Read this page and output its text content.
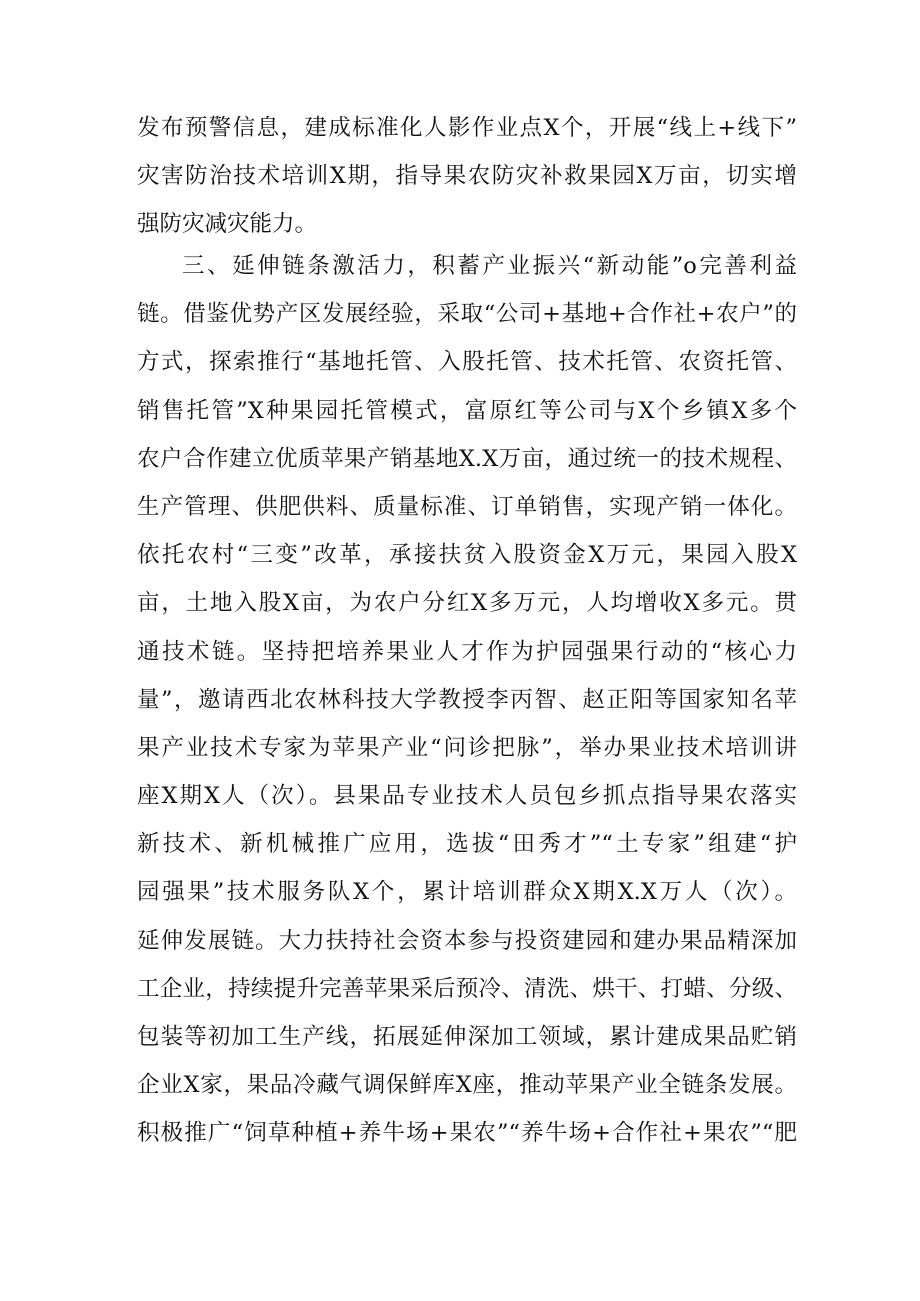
发布预警信息，建成标准化人影作业点X个，开展“线上+线下”
灾害防治技术培训X期，指导果农防灾补救果园X万亩，切实增
强防灾减灾能力。
三、延伸链条激活力，积蓄产业振兴“新动能”o完善利益
链。借鉴优势产区发展经验，采取“公司+基地+合作社+农户”的
方式，探索推行“基地托管、入股托管、技术托管、农资托管、
销售托管”X种果园托管模式，富原红等公司与X个乡镇X多个
农户合作建立优质苹果产销基地X.X万亩，通过统一的技术规程、
生产管理、供肥供料、质量标准、订单销售，实现产销一体化。
依托农村“三变”改革，承接扶贫入股资金X万元，果园入股X
亩，土地入股X亩，为农户分红X多万元，人均增收X多元。贯
通技术链。坚持把培养果业人才作为护园强果行动的“核心力
量”，邀请西北农林科技大学教授李丙智、赵正阳等国家知名苹
果产业技术专家为苹果产业“问诊把脉”，举办果业技术培训讲
座X期X人（次）。县果品专业技术人员包乡抓点指导果农落实
新技术、新机械推广应用，选拔“田秀才”“土专家”组建“护
园强果”技术服务队X个，累计培训群众X期X.X万人（次）。
延伸发展链。大力扶持社会资本参与投资建园和建办果品精深加
工企业，持续提升完善苹果采后预冷、清洗、烘干、打蜡、分级、
包装等初加工生产线，拓展延伸深加工领域，累计建成果品贮销
企业X家，果品冷藏气调保鲜库X座，推动苹果产业全链条发展。
积极推广“饲草种植+养牛场+果农”“养牛场+合作社+果农”“肥
